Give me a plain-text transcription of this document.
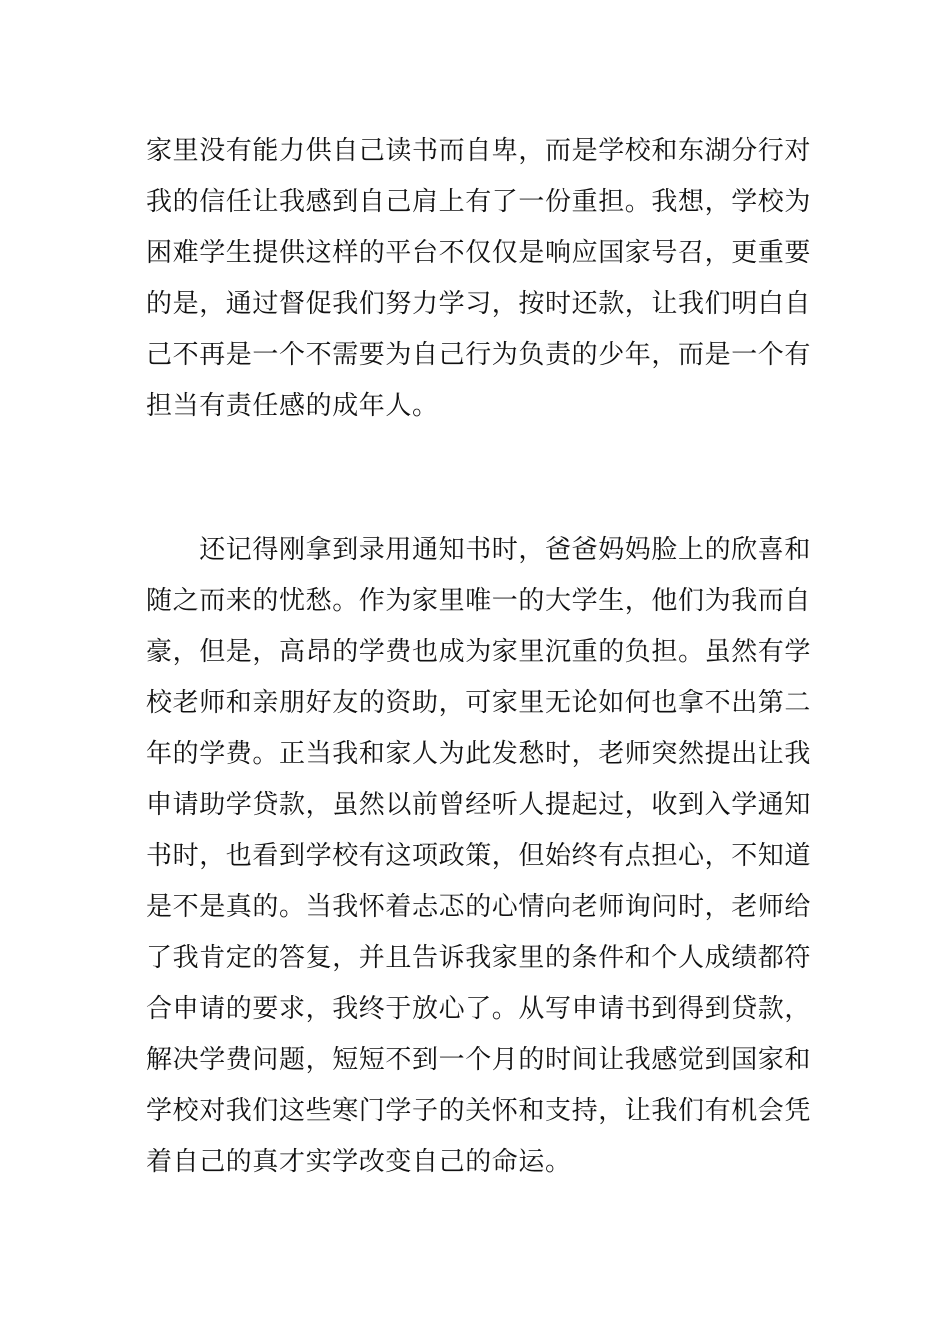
家里没有能力供自己读书而自卑，而是学校和东湖分行对
我的信任让我感到自己肩上有了一份重担。我想，学校为
困难学生提供这样的平台不仅仅是响应国家号召，更重要
的是，通过督促我们努力学习，按时还款，让我们明白自
己不再是一个不需要为自己行为负责的少年，而是一个有
担当有责任感的成年人。

　　还记得刚拿到录用通知书时，爸爸妈妈脸上的欣喜和
随之而来的忧愁。作为家里唯一的大学生，他们为我而自
豪，但是，高昂的学费也成为家里沉重的负担。虽然有学
校老师和亲朋好友的资助，可家里无论如何也拿不出第二
年的学费。正当我和家人为此发愁时，老师突然提出让我
申请助学贷款，虽然以前曾经听人提起过，收到入学通知
书时，也看到学校有这项政策，但始终有点担心，不知道
是不是真的。当我怀着忐忑的心情向老师询问时，老师给
了我肯定的答复，并且告诉我家里的条件和个人成绩都符
合申请的要求，我终于放心了。从写申请书到得到贷款，
解决学费问题，短短不到一个月的时间让我感觉到国家和
学校对我们这些寒门学子的关怀和支持，让我们有机会凭
着自己的真才实学改变自己的命运。
